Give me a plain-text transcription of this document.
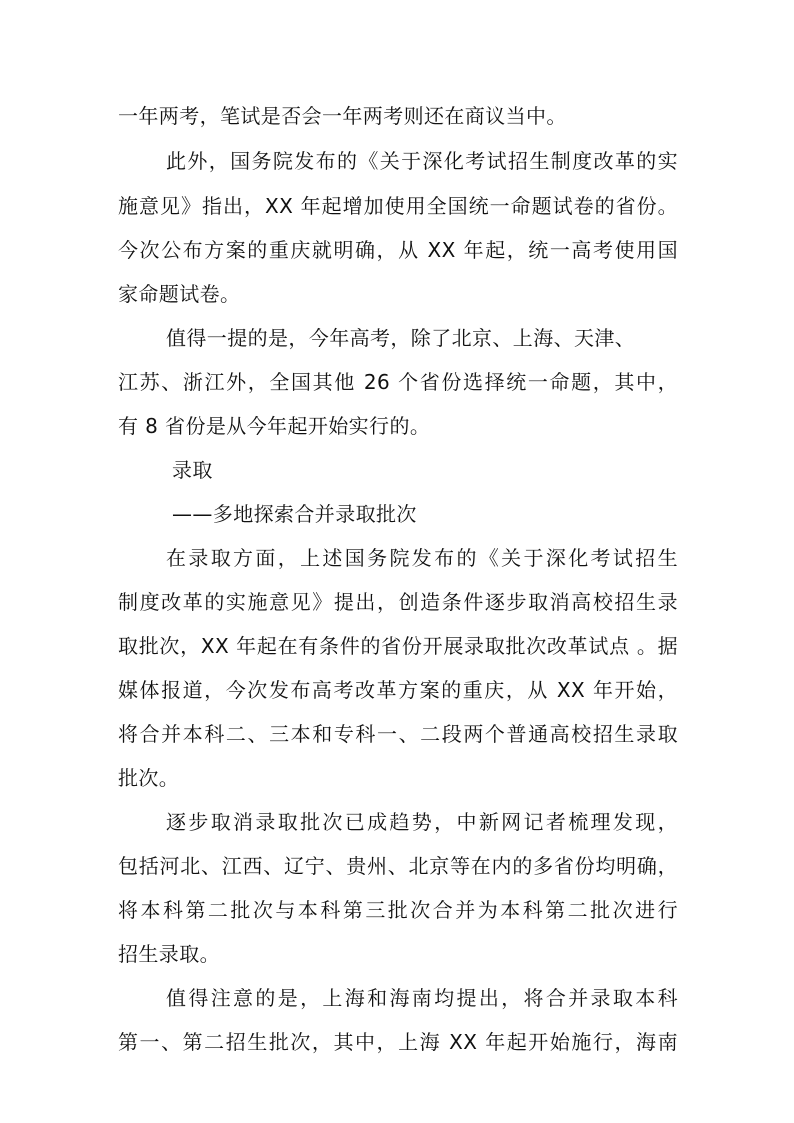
一年两考，笔试是否会一年两考则还在商议当中。

此外，国务院发布的《关于深化考试招生制度改革的实

施意见》指出，XX 年起增加使用全国统一命题试卷的省份。

今次公布方案的重庆就明确，从 XX 年起，统一高考使用国

家命题试卷。

值得一提的是，今年高考，除了北京、上海、天津、

江苏、浙江外，全国其他 26 个省份选择统一命题，其中，

有 8 省份是从今年起开始实行的。

录取

——多地探索合并录取批次

在录取方面，上述国务院发布的《关于深化考试招生

制度改革的实施意见》提出，创造条件逐步取消高校招生录

取批次，XX 年起在有条件的省份开展录取批次改革试点 。据

媒体报道，今次发布高考改革方案的重庆，从 XX 年开始，

将合并本科二、三本和专科一、二段两个普通高校招生录取

批次。

逐步取消录取批次已成趋势，中新网记者梳理发现，

包括河北、江西、辽宁、贵州、北京等在内的多省份均明确，

将本科第二批次与本科第三批次合并为本科第二批次进行

招生录取。

值得注意的是，上海和海南均提出，将合并录取本科

第一、第二招生批次，其中，上海 XX 年起开始施行，海南
